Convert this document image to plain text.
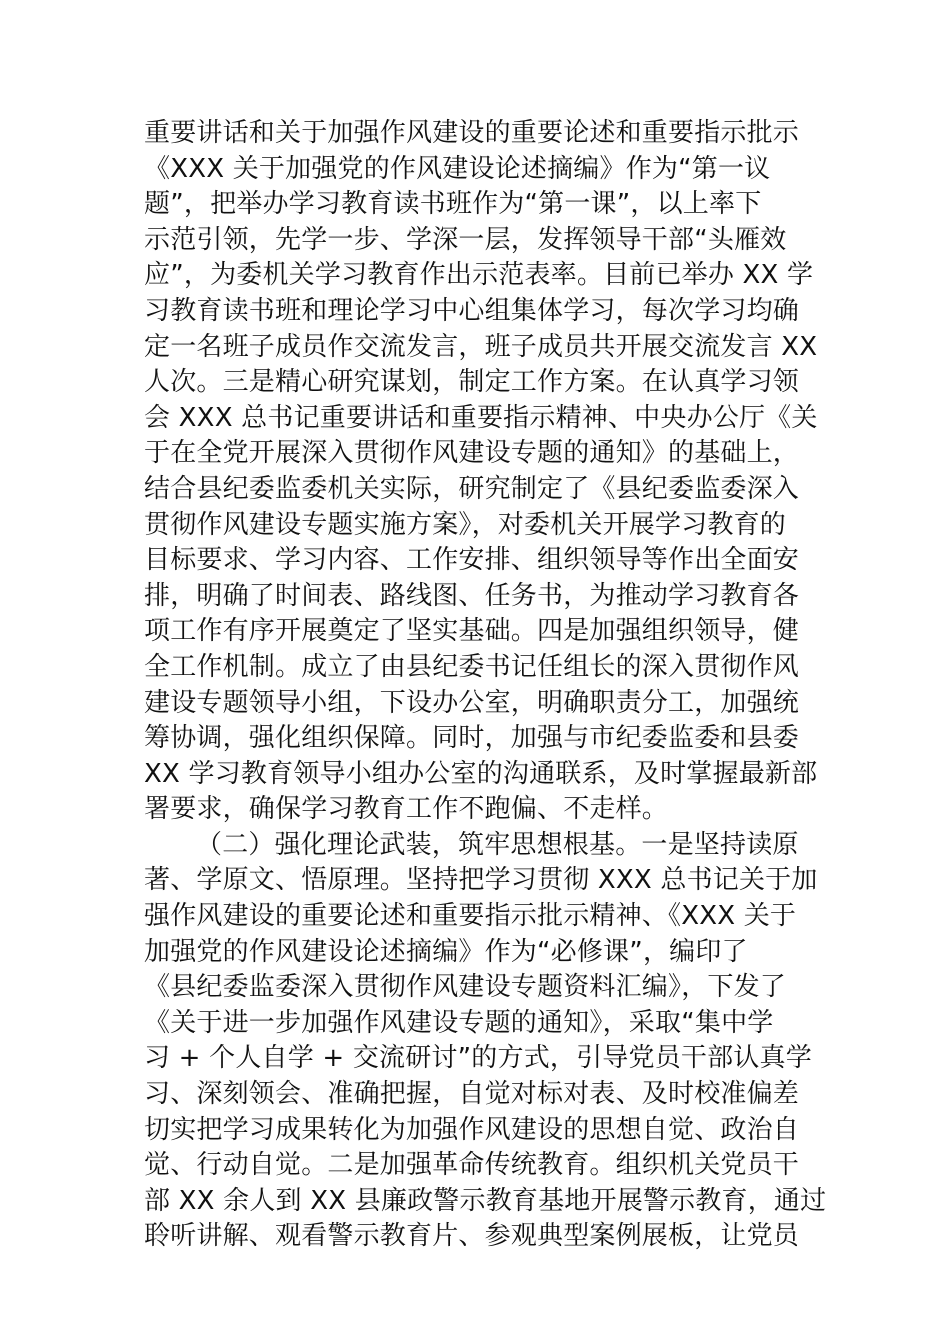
重要讲话和关于加强作风建设的重要论述和重要指示批示
《XXX 关于加强党的作风建设论述摘编》作为“第一议
题”，把举办学习教育读书班作为“第一课”，以上率下
示范引领，先学一步、学深一层，发挥领导干部“头雁效
应”，为委机关学习教育作出示范表率。目前已举办 XX 学
习教育读书班和理论学习中心组集体学习，每次学习均确
定一名班子成员作交流发言，班子成员共开展交流发言 XX
人次。三是精心研究谋划，制定工作方案。在认真学习领
会 XXX 总书记重要讲话和重要指示精神、中央办公厅《关
于在全党开展深入贯彻作风建设专题的通知》的基础上，
结合县纪委监委机关实际，研究制定了《县纪委监委深入
贯彻作风建设专题实施方案》，对委机关开展学习教育的
目标要求、学习内容、工作安排、组织领导等作出全面安
排，明确了时间表、路线图、任务书，为推动学习教育各
项工作有序开展奠定了坚实基础。四是加强组织领导，健
全工作机制。成立了由县纪委书记任组长的深入贯彻作风
建设专题领导小组，下设办公室，明确职责分工，加强统
筹协调，强化组织保障。同时，加强与市纪委监委和县委
XX 学习教育领导小组办公室的沟通联系，及时掌握最新部
署要求，确保学习教育工作不跑偏、不走样。
（二）强化理论武装，筑牢思想根基。一是坚持读原
著、学原文、悟原理。坚持把学习贯彻 XXX 总书记关于加
强作风建设的重要论述和重要指示批示精神、《XXX 关于
加强党的作风建设论述摘编》作为“必修课”，编印了
《县纪委监委深入贯彻作风建设专题资料汇编》，下发了
《关于进一步加强作风建设专题的通知》，采取“集中学
习 + 个人自学 + 交流研讨”的方式，引导党员干部认真学
习、深刻领会、准确把握，自觉对标对表、及时校准偏差
切实把学习成果转化为加强作风建设的思想自觉、政治自
觉、行动自觉。二是加强革命传统教育。组织机关党员干
部 XX 余人到 XX 县廉政警示教育基地开展警示教育，通过
聆听讲解、观看警示教育片、参观典型案例展板，让党员
